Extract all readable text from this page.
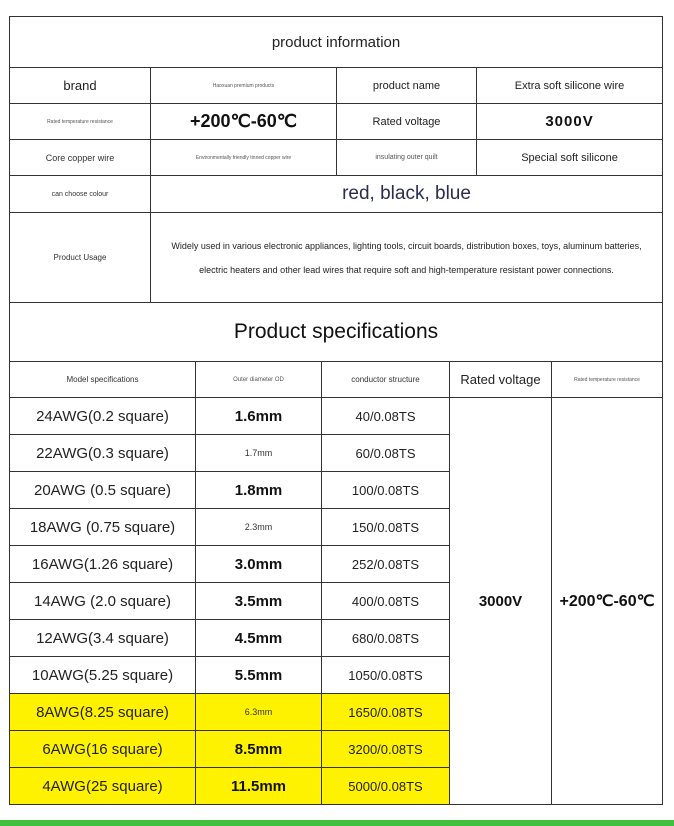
product information			
brand	Haoxuan premium products	product name	Extra soft silicone wire
Rated temperature resistance	+200℃-60℃	Rated voltage	3000V
Core copper wire	Environmentally friendly tinned copper wire	insulating outer quilt	Special soft silicone
can choose colour	red, black, blue		
Product Usage	Widely used in various electronic appliances, lighting tools, circuit boards, distribution boxes, toys, aluminum batteries, electric heaters and other lead wires that require soft and high-temperature resistant power connections.		
Product specifications				
Model specifications	Outer diameter OD	conductor structure	Rated voltage	Rated temperature resistance
24AWG(0.2 square)	1.6mm	40/0.08TS	3000V	+200℃-60℃
22AWG(0.3 square)	1.7mm	60/0.08TS		
20AWG (0.5 square)	1.8mm	100/0.08TS		
18AWG (0.75 square)	2.3mm	150/0.08TS		
16AWG(1.26 square)	3.0mm	252/0.08TS		
14AWG (2.0 square)	3.5mm	400/0.08TS		
12AWG(3.4 square)	4.5mm	680/0.08TS		
10AWG(5.25 square)	5.5mm	1050/0.08TS		
8AWG(8.25 square)	6.3mm	1650/0.08TS		
6AWG(16 square)	8.5mm	3200/0.08TS		
4AWG(25 square)	11.5mm	5000/0.08TS		
